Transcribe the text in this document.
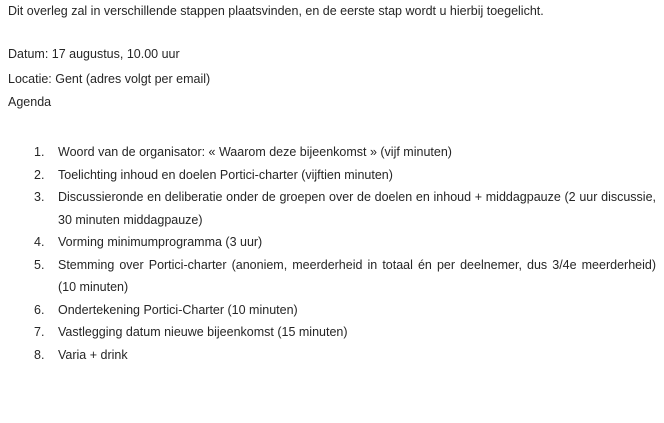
Dit overleg zal in verschillende stappen plaatsvinden, en de eerste stap wordt u hierbij toegelicht.
Datum: 17 augustus, 10.00 uur
Locatie: Gent (adres volgt per email)
Agenda
1. Woord van de organisator: « Waarom deze bijeenkomst » (vijf minuten)
2. Toelichting inhoud en doelen Portici-charter (vijftien minuten)
3. Discussieronde en deliberatie onder de groepen over de doelen en inhoud + middagpauze (2 uur discussie, 30 minuten middagpauze)
4. Vorming minimumprogramma (3 uur)
5. Stemming over Portici-charter (anoniem, meerderheid in totaal én per deelnemer, dus 3/4e meerderheid) (10 minuten)
6. Ondertekening Portici-Charter (10 minuten)
7. Vastlegging datum nieuwe bijeenkomst (15 minuten)
8. Varia + drink
